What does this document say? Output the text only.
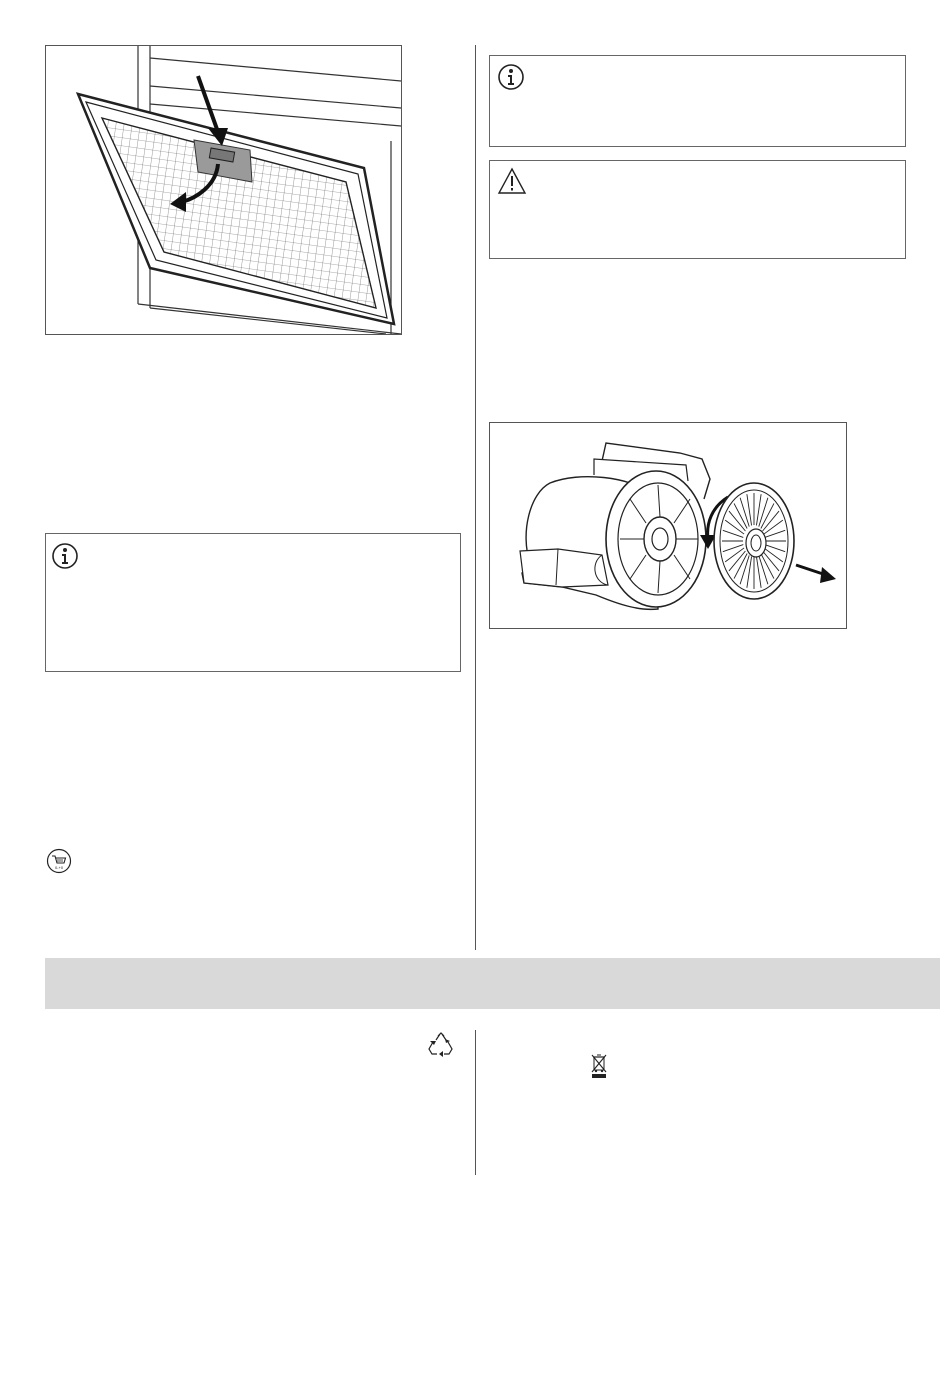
0-+0
